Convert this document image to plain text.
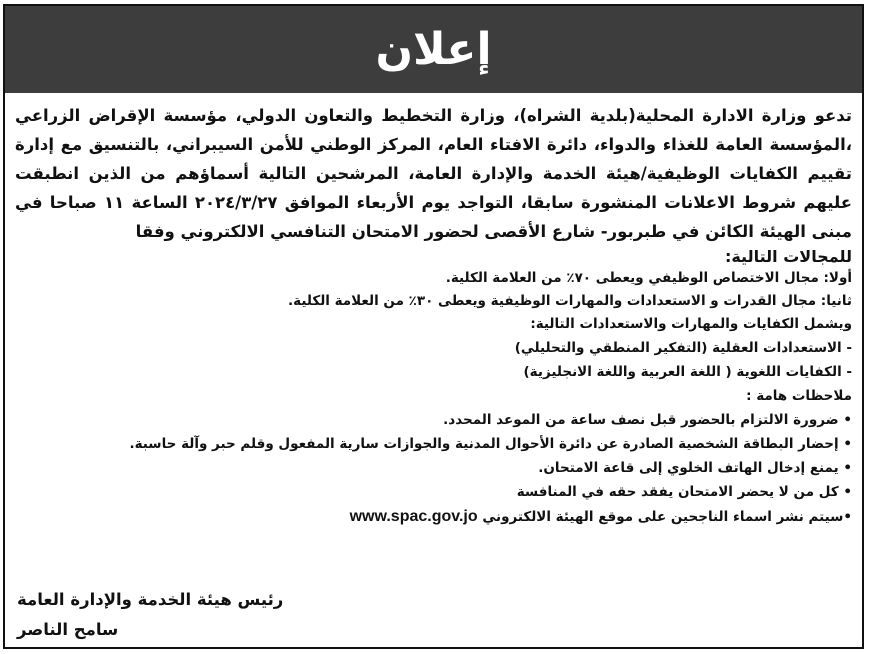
إعلان
تدعو وزارة الادارة المحلية(بلدية الشراه)، وزارة التخطيط والتعاون الدولي، مؤسسة الإقراض الزراعي ،المؤسسة العامة للغذاء والدواء، دائرة الافتاء العام، المركز الوطني للأمن السيبراني، بالتنسيق مع إدارة تقييم الكفايات الوظيفية/هيئة الخدمة والإدارة العامة، المرشحين التالية أسماؤهم من الذين انطبقت عليهم شروط الاعلانات المنشورة سابقا، التواجد يوم الأربعاء الموافق ٢٠٢٤/٣/٢٧ الساعة ١١ صباحا في مبنى الهيئة الكائن في طبربور- شارع الأقصى لحضور الامتحان التنافسي الالكتروني وفقا
للمجالات التالية:
أولا: مجال الاختصاص الوظيفي ويعطى ٧٠٪ من العلامة الكلية.
ثانيا: مجال القدرات و الاستعدادات والمهارات الوظيفية ويعطى ٣٠٪ من العلامة الكلية.
ويشمل الكفايات والمهارات والاستعدادات التالية:
- الاستعدادات العقلية (التفكير المنطقي والتحليلي)
- الكفايات اللغوية ( اللغة العربية واللغة الانجليزية)
ملاحظات هامة :
• ضرورة الالتزام بالحضور قبل نصف ساعة من الموعد المحدد.
• إحضار البطاقة الشخصية الصادرة عن دائرة الأحوال المدنية والجوازات سارية المفعول وقلم حبر وآلة حاسبة.
• يمنع إدخال الهاتف الخلوي إلى قاعة الامتحان.
• كل من لا يحضر الامتحان يفقد حقه في المنافسة
•سيتم نشر اسماء الناجحين على موقع الهيئة الالكتروني www.spac.gov.jo
رئيس هيئة الخدمة والإدارة العامة
سامح الناصر
